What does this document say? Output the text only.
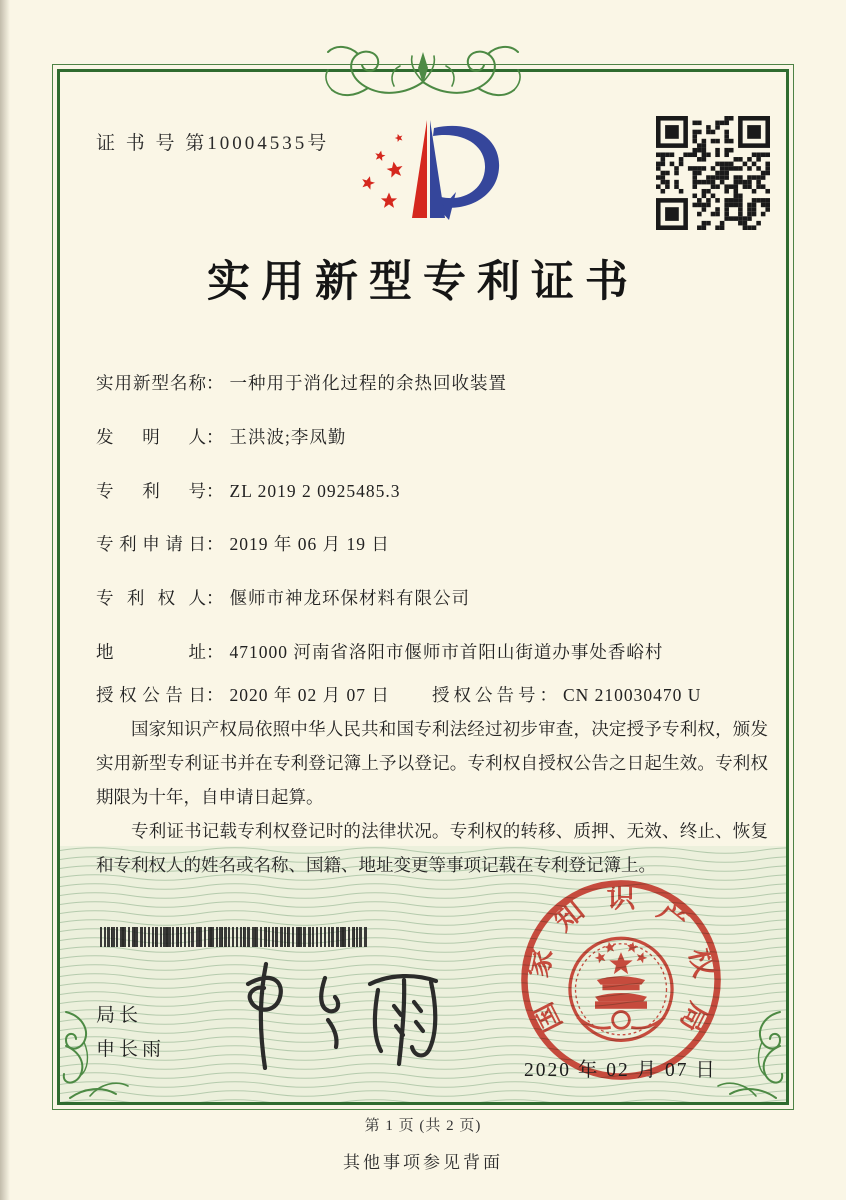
证 书 号 第10004535号
实用新型专利证书
实用新型名称： 一种用于消化过程的余热回收装置
发明人： 王洪波;李凤勤
专利号： ZL 2019 2 0925485.3
专利申请日： 2019 年 06 月 19 日
专利权人： 偃师市神龙环保材料有限公司
地址： 471000 河南省洛阳市偃师市首阳山街道办事处香峪村
授权公告日： 2020 年 02 月 07 日 授权公告号： CN 210030470 U

国家知识产权局依照中华人民共和国专利法经过初步审查，决定授予专利权，颁发实用新型专利证书并在专利登记簿上予以登记。专利权自授权公告之日起生效。专利权期限为十年，自申请日起算。

专利证书记载专利权登记时的法律状况。专利权的转移、质押、无效、终止、恢复和专利权人的姓名或名称、国籍、地址变更等事项记载在专利登记簿上。

局长
申长雨
国
家
知 识 产
权
局
2020 年 02 月 07 日
第 1 页 (共 2 页)
其他事项参见背面
